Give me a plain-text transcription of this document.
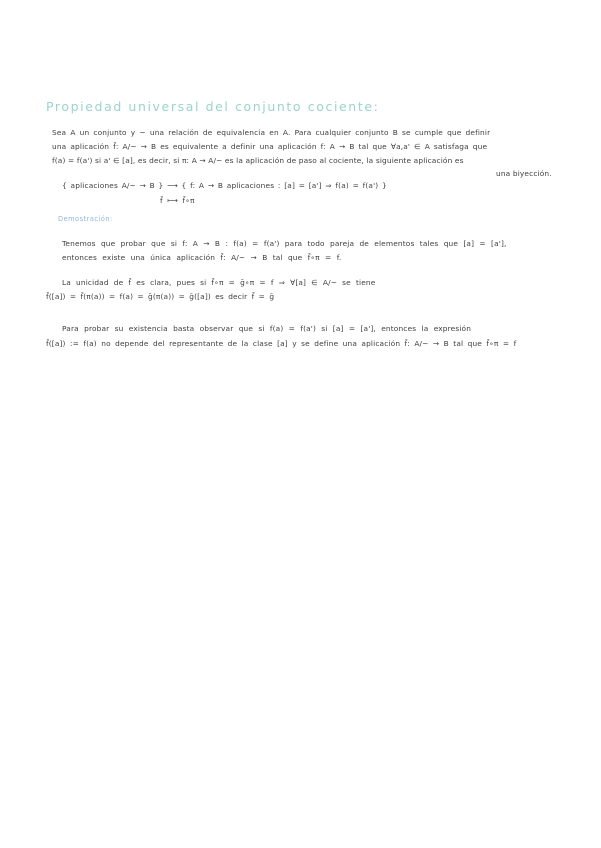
Propiedad universal del conjunto cociente:
Sea A un conjunto y ~ una relación de equivalencia en A. Para cualquier conjunto B se cumple que definir
una aplicación f̄: A/~ → B es equivalente a definir una aplicación f: A → B tal que ∀a,a' ∈ A satisfaga que
f(a) = f(a') si a' ∈ [a], es decir, si π: A → A/~ es la aplicación de paso al cociente, la siguiente aplicación es
una biyección.
{ aplicaciones A/~ → B } ⟶ { f: A → B aplicaciones : [a] = [a'] ⇒ f(a) = f(a') }
f̄ ⟼ f̄∘π
Demostración:
Tenemos que probar que si f: A → B : f(a) = f(a') para todo pareja de elementos tales que [a] = [a'],
entonces existe una única aplicación f̄: A/~ → B tal que f̄∘π = f.
La unicidad de f̄ es clara, pues si f̄∘π = ḡ∘π = f ⇒ ∀[a] ∈ A/~ se tiene
f̄([a]) = f̄(π(a)) = f(a) = ḡ(π(a)) = ḡ([a]) es decir f̄ = ḡ
Para probar su existencia basta observar que si f(a) = f(a') si [a] = [a'], entonces la expresión
f̄([a]) := f(a) no depende del representante de la clase [a] y se define una aplicación f̄: A/~ → B tal que f̄∘π = f
